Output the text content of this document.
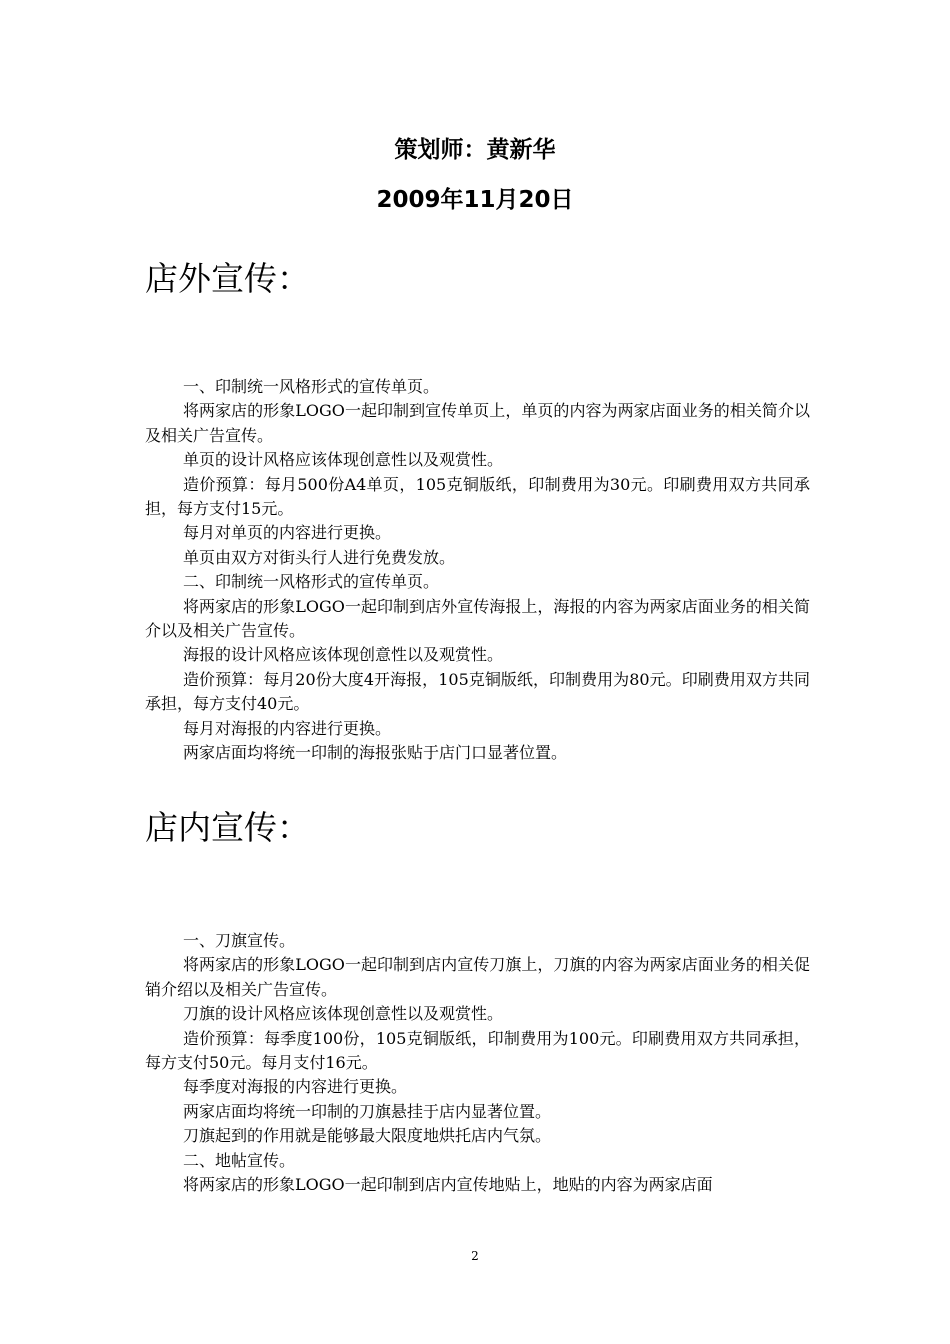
策划师：黄新华
2009年11月20日
店外宣传：

一、印制统一风格形式的宣传单页。

将两家店的形象LOGO一起印制到宣传单页上，单页的内容为两家店面业务的相关简介以及相关广告宣传。

单页的设计风格应该体现创意性以及观赏性。

造价预算：每月500份A4单页，105克铜版纸，印制费用为30元。印刷费用双方共同承担，每方支付15元。

每月对单页的内容进行更换。

单页由双方对街头行人进行免费发放。

二、印制统一风格形式的宣传单页。

将两家店的形象LOGO一起印制到店外宣传海报上，海报的内容为两家店面业务的相关简介以及相关广告宣传。

海报的设计风格应该体现创意性以及观赏性。

造价预算：每月20份大度4开海报，105克铜版纸，印制费用为80元。印刷费用双方共同承担，每方支付40元。

每月对海报的内容进行更换。

两家店面均将统一印制的海报张贴于店门口显著位置。

店内宣传：

一、刀旗宣传。

将两家店的形象LOGO一起印制到店内宣传刀旗上，刀旗的内容为两家店面业务的相关促销介绍以及相关广告宣传。

刀旗的设计风格应该体现创意性以及观赏性。

造价预算：每季度100份，105克铜版纸，印制费用为100元。印刷费用双方共同承担，每方支付50元。每月支付16元。

每季度对海报的内容进行更换。

两家店面均将统一印制的刀旗悬挂于店内显著位置。

刀旗起到的作用就是能够最大限度地烘托店内气氛。

二、地帖宣传。

将两家店的形象LOGO一起印制到店内宣传地贴上，地贴的内容为两家店面

2
